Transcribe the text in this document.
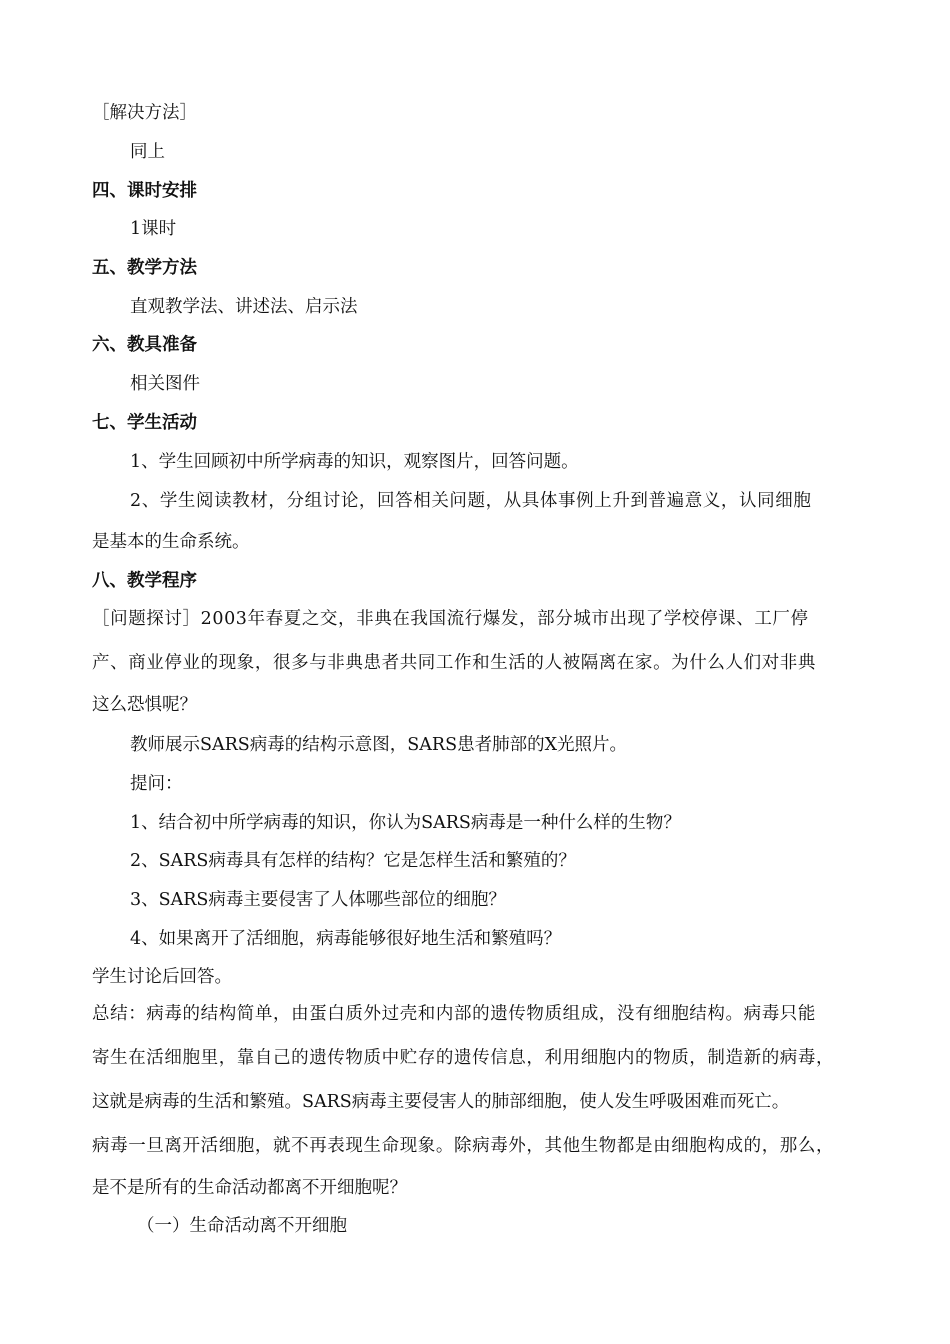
［解决方法］
同上
四、课时安排
1课时
五、教学方法
直观教学法、讲述法、启示法
六、教具准备
相关图件
七、学生活动
1、学生回顾初中所学病毒的知识，观察图片，回答问题。
2、学生阅读教材，分组讨论，回答相关问题，从具体事例上升到普遍意义，认同细胞
是基本的生命系统。
八、教学程序
［问题探讨］2003年春夏之交，非典在我国流行爆发，部分城市出现了学校停课、工厂停
产、商业停业的现象，很多与非典患者共同工作和生活的人被隔离在家。为什么人们对非典
这么恐惧呢？
教师展示SARS病毒的结构示意图，SARS患者肺部的X光照片。
提问：
1、结合初中所学病毒的知识，你认为SARS病毒是一种什么样的生物？
2、SARS病毒具有怎样的结构？它是怎样生活和繁殖的？
3、SARS病毒主要侵害了人体哪些部位的细胞？
4、如果离开了活细胞，病毒能够很好地生活和繁殖吗？
学生讨论后回答。
总结：病毒的结构简单，由蛋白质外过壳和内部的遗传物质组成，没有细胞结构。病毒只能
寄生在活细胞里，靠自己的遗传物质中贮存的遗传信息，利用细胞内的物质，制造新的病毒，
这就是病毒的生活和繁殖。SARS病毒主要侵害人的肺部细胞，使人发生呼吸困难而死亡。
病毒一旦离开活细胞，就不再表现生命现象。除病毒外，其他生物都是由细胞构成的，那么，
是不是所有的生命活动都离不开细胞呢？
（一）生命活动离不开细胞
